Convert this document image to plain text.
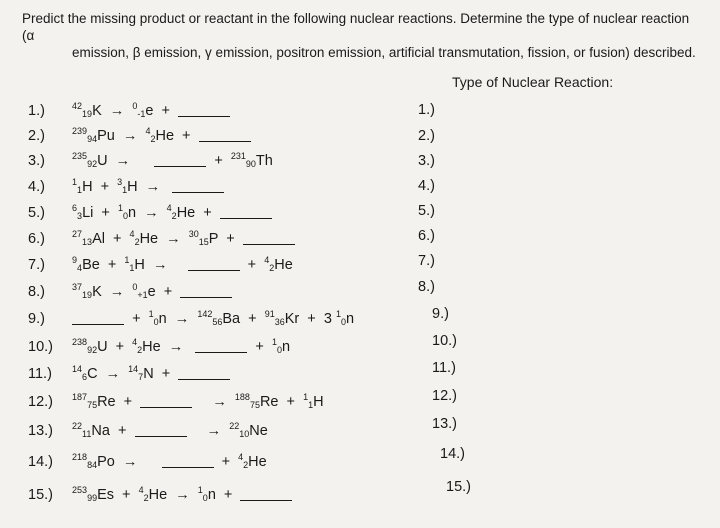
Predict the missing product or reactant in the following nuclear reactions. Determine the type of nuclear reaction (α
emission, β emission, γ emission, positron emission, artificial transmutation, fission, or fusion) described.
Type of Nuclear Reaction:
1.)	$^{42}_{19}$K  →  $^0_{-1}$e  +	1.)
2.)	$^{239}_{94}$Pu  →  $^4_2$He  +	2.)
3.)	$^{235}_{92}$U  →	+  $^{231}_{90}$Th	3.)
4.)	$^1_1$H  +  $^3_1$H  →	4.)
5.)	$^6_3$Li  +  $^1_0$n  →  $^4_2$He  +	5.)
6.)	$^{27}_{13}$Al  +  $^4_2$He  →  $^{30}_{15}$P  +	6.)
7.)	$^9_4$Be  +  $^1_1$H  →	+  $^4_2$He	7.)
8.)	$^{37}_{19}$K  →  $^0_{+1}$e  +	8.)
9.)	+  $^1_0$n  →  $^{142}_{56}$Ba  +  $^{91}_{36}$Kr  +  3 $^1_0$n	9.)
10.) $^{238}_{92}$U  +  $^4_2$He  →	+  $^1_0$n	10.)
11.) $^{14}_6$C  →  $^{14}_7$N  +	11.)
12.) $^{187}_{75}$Re  +	→  $^{188}_{75}$Re  +  $^1_1$H	12.)
13.) $^{22}_{11}$Na  +	→  $^{22}_{10}$Ne	13.)
14.) $^{218}_{84}$Po  →	+  $^4_2$He	14.)
15.) $^{253}_{99}$Es  +  $^4_2$He  →  $^1_0$n  +	15.)
